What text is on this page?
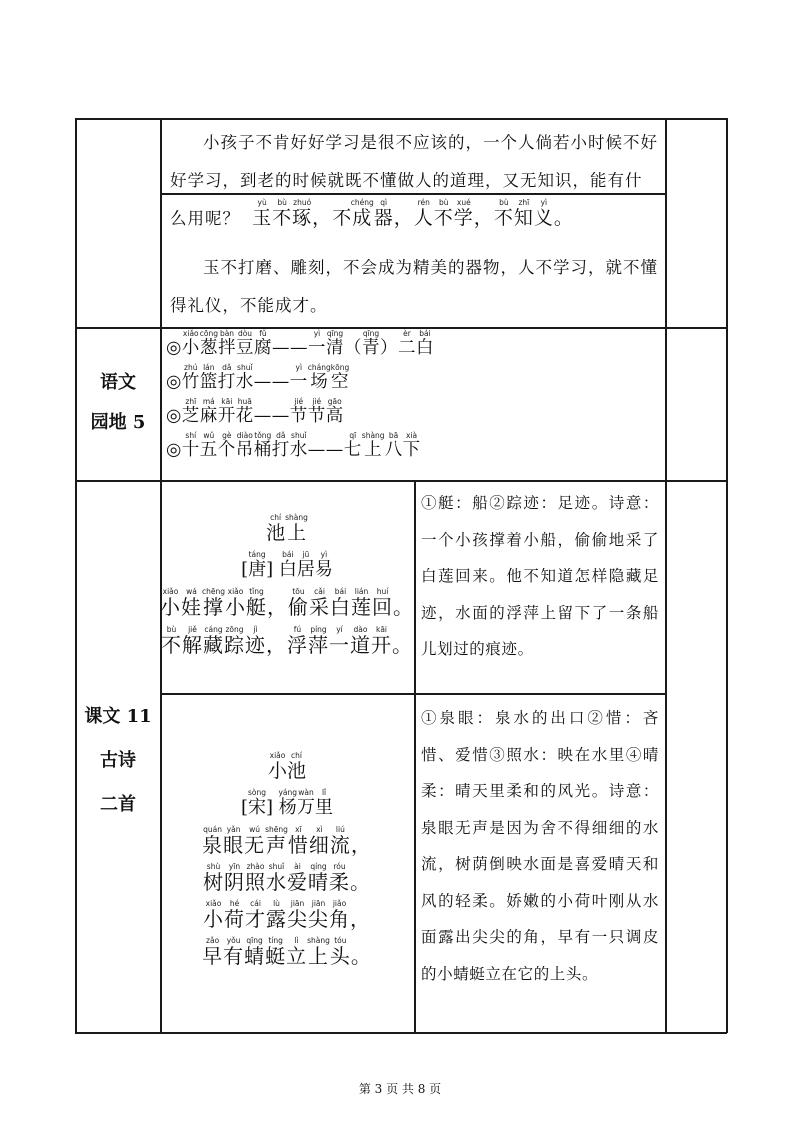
小孩子不肯好好学习是很不应该的，一个人倘若小时候不好好学习，到老的时候就既不懂做人的道理，又无知识，能有什么用呢？ 玉yù不bù琢zhuó，不成chéng器qì，人rén不bù学xué，不bù知zhī义yì。
玉不打磨、雕刻，不会成为精美的器物，人不学习，就不懂得礼仪，不能成才。
语文
园地 5
◎小xiǎo葱cōng拌bàn豆dòu腐fǔ——一yì清qīng（青qīng）二èr白bái
◎竹zhú篮lán打dǎ水shuǐ——一yì场cháng空kōng
◎芝zhī麻má开kāi花huā——节jié节jié高gāo
◎十shí五wǔ个gè吊diào桶tǒng打dǎ水shuǐ——七qī上shàng八bā下xià
课文 11
古诗
二首
池chí上shàng
[唐]táng 白bái居jū易yì
小xiǎo娃wá撑chēng小xiǎo艇tǐng，偷tōu采cǎi白bái莲lián回huí。
不bù解jiě藏cáng踪zōng迹jì，浮fú萍píng一yí道dào开kāi。
①艇：船②踪迹：足迹。诗意：一个小孩撑着小船，偷偷地采了白莲回来。他不知道怎样隐藏足迹，水面的浮萍上留下了一条船儿划过的痕迹。
小xiǎo池chí
[宋]sòng 杨yáng万wàn里lǐ
泉quán眼yǎn无wú声shēng惜xī细xì流liú，
树shù阴yīn照zhào水shuǐ爱ài晴qíng柔róu。
小xiǎo荷hé才cái露lù尖jiān尖jiān角jiǎo，
早zǎo有yǒu蜻qīng蜓tíng立lì上shàng头tóu。
①泉眼：泉水的出口②惜：吝惜、爱惜③照水：映在水里④晴柔：晴天里柔和的风光。诗意：泉眼无声是因为舍不得细细的水流，树荫倒映水面是喜爱晴天和风的轻柔。娇嫩的小荷叶刚从水面露出尖尖的角，早有一只调皮的小蜻蜓立在它的上头。
第 3 页 共 8 页
